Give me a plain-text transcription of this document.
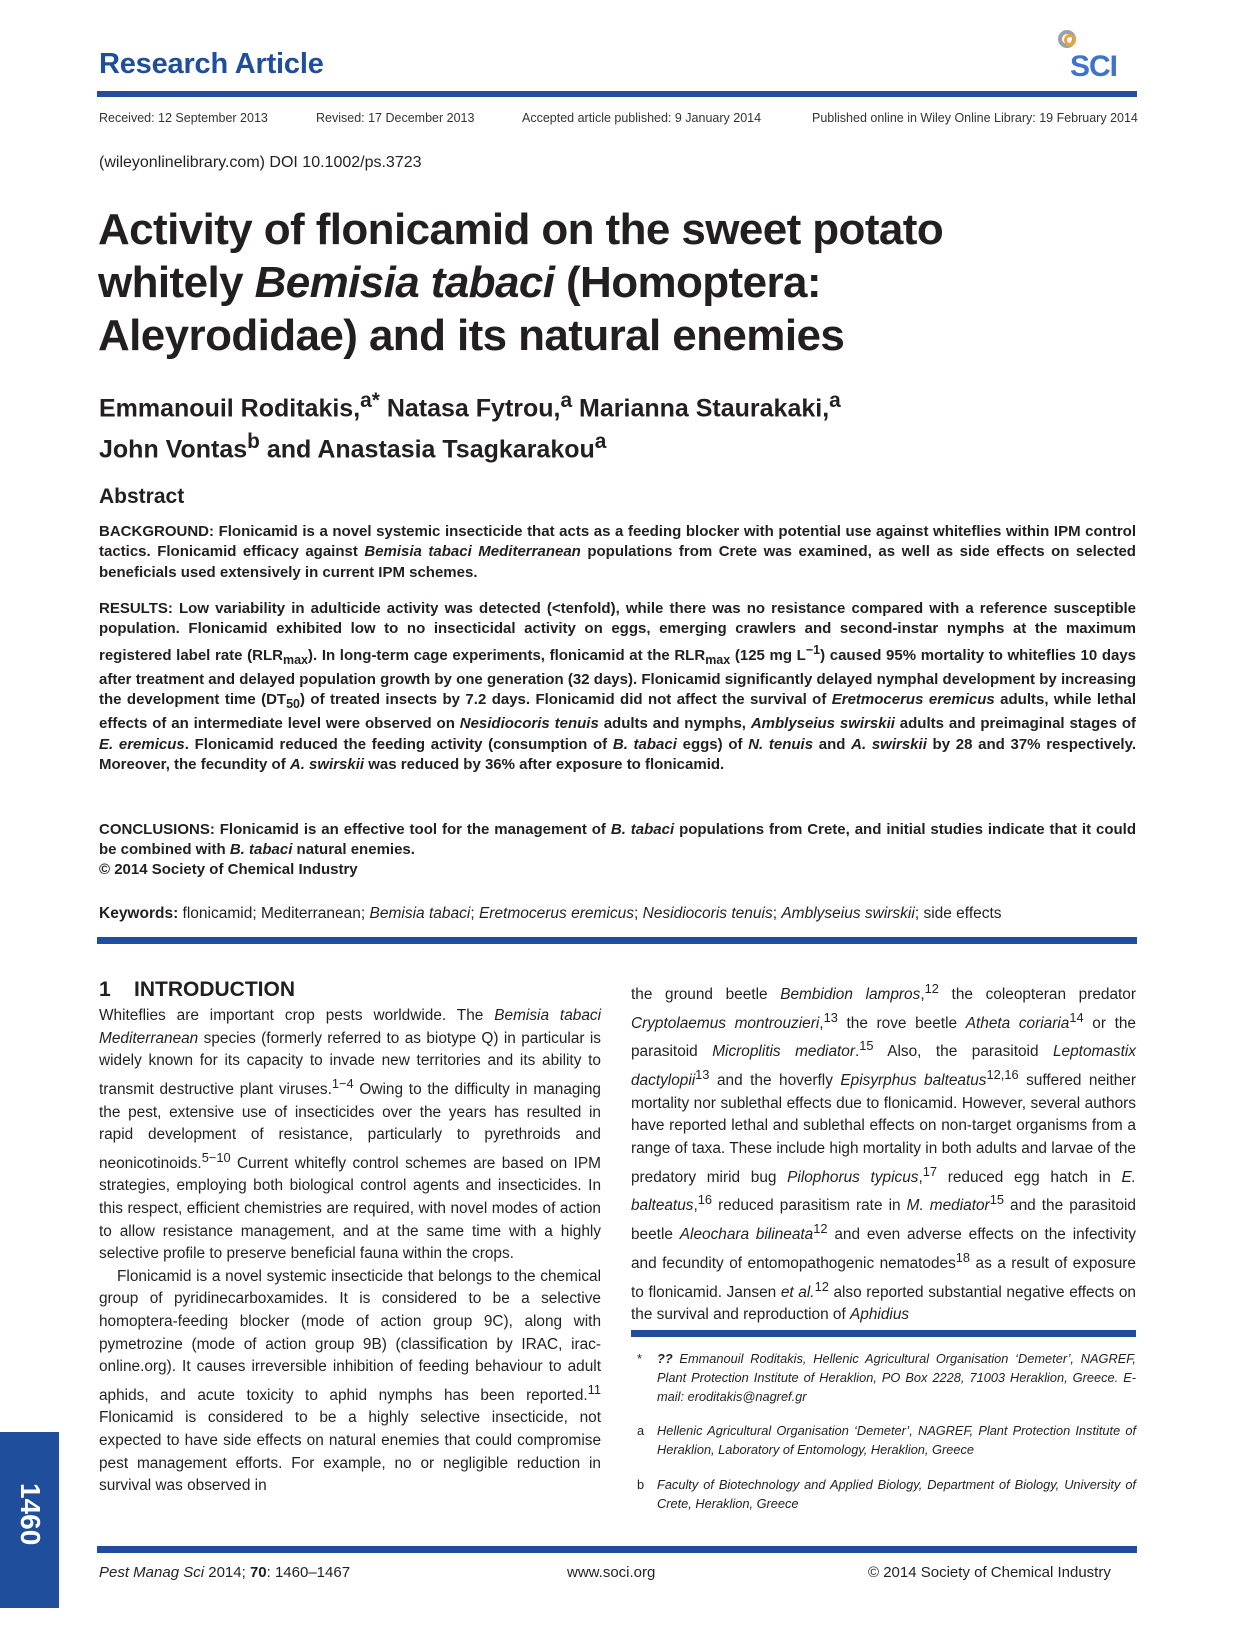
Research Article	SCI
Received: 12 September 2013	Revised: 17 December 2013	Accepted article published: 9 January 2014	Published online in Wiley Online Library: 19 February 2014
(wileyonlinelibrary.com) DOI 10.1002/ps.3723
Activity of flonicamid on the sweet potato
whitely Bemisia tabaci (Homoptera:
Aleyrodidae) and its natural enemies
Emmanouil Roditakis,$^{a*}$ Natasa Fytrou,$^a$ Marianna Staurakaki,$^a$
John Vontas$^b$ and Anastasia Tsagkarakou$^a$
Abstract
BACKGROUND: Flonicamid is a novel systemic insecticide that acts as a feeding blocker with potential use against whiteflies within IPM control tactics. Flonicamid efficacy against Bemisia tabaci Mediterranean populations from Crete was examined, as well as side effects on selected beneficials used extensively in current IPM schemes.
RESULTS: Low variability in adulticide activity was detected (<tenfold), while there was no resistance compared with a reference susceptible population. Flonicamid exhibited low to no insecticidal activity on eggs, emerging crawlers and second-instar nymphs at the maximum registered label rate $(RLR_{max})$. In long-term cage experiments, flonicamid at the $RLR_{max}$ (125 mg $L^{-1}$) caused 95% mortality to whiteflies 10 days after treatment and delayed population growth by one generation (32 days). Flonicamid significantly delayed nymphal development by increasing the development time $(DT_{50})$ of treated insects by 7.2 days. Flonicamid did not affect the survival of Eretmocerus eremicus adults, while lethal effects of an intermediate level were observed on Nesidiocoris tenuis adults and nymphs, Amblyseius swirskii adults and preimaginal stages of E. eremicus. Flonicamid reduced the feeding activity (consumption of B. tabaci eggs) of N. tenuis and A. swirskii by 28 and 37% respectively. Moreover, the fecundity of A. swirskii was reduced by 36% after exposure to flonicamid.
CONCLUSIONS: Flonicamid is an effective tool for the management of B. tabaci populations from Crete, and initial studies indicate that it could be combined with B. tabaci natural enemies.
© 2014 Society of Chemical Industry
Keywords: flonicamid; Mediterranean; Bemisia tabaci; Eretmocerus eremicus; Nesidiocoris tenuis; Amblyseius swirskii; side effects
1    INTRODUCTION

Whiteflies are important crop pests worldwide. The Bemisia tabaci Mediterranean species (formerly referred to as biotype Q) in particular is widely known for its capacity to invade new territories and its ability to transmit destructive plant viruses.$^{1-4}$ Owing to the difficulty in managing the pest, extensive use of insecticides over the years has resulted in rapid development of resistance, particularly to pyrethroids and neonicotinoids.$^{5-10}$ Current whitefly control schemes are based on IPM strategies, employing both biological control agents and insecticides. In this respect, efficient chemistries are required, with novel modes of action to allow resistance management, and at the same time with a highly selective profile to preserve beneficial fauna within the crops.

Flonicamid is a novel systemic insecticide that belongs to the chemical group of pyridinecarboxamides. It is considered to be a selective homoptera-feeding blocker (mode of action group 9C), along with pymetrozine (mode of action group 9B) (classification by IRAC, irac-online.org). It causes irreversible inhibition of feeding behaviour to adult aphids, and acute toxicity to aphid nymphs has been reported.$^{11}$ Flonicamid is considered to be a highly selective insecticide, not expected to have side effects on natural enemies that could compromise pest management efforts. For example, no or negligible reduction in survival was observed in

the ground beetle Bembidion lampros,$^{12}$ the coleopteran predator Cryptolaemus montrouzieri,$^{13}$ the rove beetle Atheta coriaria$^{14}$ or the parasitoid Microplitis mediator.$^{15}$ Also, the parasitoid Leptomastix dactylopii$^{13}$ and the hoverfly Episyrphus balteatus$^{12,16}$ suffered neither mortality nor sublethal effects due to flonicamid. However, several authors have reported lethal and sublethal effects on non-target organisms from a range of taxa. These include high mortality in both adults and larvae of the predatory mirid bug Pilophorus typicus,$^{17}$ reduced egg hatch in E. balteatus,$^{16}$ reduced parasitism rate in M. mediator$^{15}$ and the parasitoid beetle Aleochara bilineata$^{12}$ and even adverse effects on the infectivity and fecundity of entomopathogenic nematodes$^{18}$ as a result of exposure to flonicamid. Jansen et al.$^{12}$ also reported substantial negative effects on the survival and reproduction of Aphidius

*	?? Emmanouil Roditakis, Hellenic Agricultural Organisation ‘Demeter’, NAGREF, Plant Protection Institute of Heraklion, PO Box 2228, 71003 Heraklion, Greece. E-mail: eroditakis@nagref.gr
a	Hellenic Agricultural Organisation ‘Demeter’, NAGREF, Plant Protection Institute of Heraklion, Laboratory of Entomology, Heraklion, Greece
b	Faculty of Biotechnology and Applied Biology, Department of Biology, University of Crete, Heraklion, Greece
1460
Pest Manag Sci 2014; 70: 1460–1467	www.soci.org	© 2014 Society of Chemical Industry
